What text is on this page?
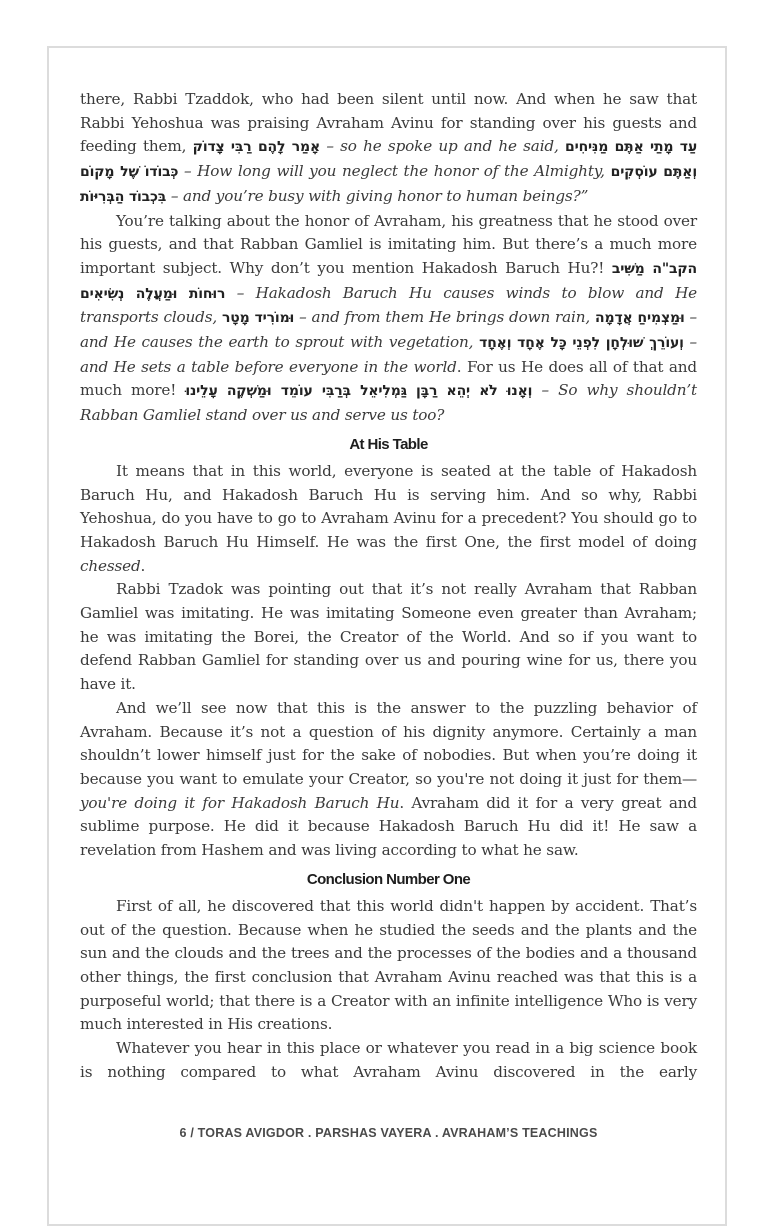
there, Rabbi Tzaddok, who had been silent until now. And when he saw that Rabbi Yehoshua was praising Avraham Avinu for standing over his guests and feeding them, אָמַר לָהֶם רַבִּי צָדוֹק – so he spoke up and he said, עַד מָתַי אַתֶּם מַנִּיחִים כְּבוֹדוֹ שֶׁל מָקוֹם – How long will you neglect the honor of the Almighty, וְאַתֶּם עוֹסְקִים בִּכְבוֹד הַבְּרִיּוֹת – and you’re busy with giving honor to human beings?”

You’re talking about the honor of Avraham, his greatness that he stood over his guests, and that Rabban Gamliel is imitating him. But there’s a much more important subject. Why don’t you mention Hakadosh Baruch Hu?! הקב"ה מַשִּׁיב רוּחוֹת וּמַעֲלֶה נְשִׂיאִים – Hakadosh Baruch Hu causes winds to blow and He transports clouds, וּמוֹרִיד מָטָר – and from them He brings down rain, וּמַצְמִיחַ אֲדָמָה – and He causes the earth to sprout with vegetation, וְעוֹרֵךְ שׁוּלְחָן לִפְנֵי כָּל אֶחָד וְאֶחָד – and He sets a table before everyone in the world. For us He does all of that and much more! וְאָנוּ לֹא יְהֵא רַבָּן גַּמְלִיאֵל בְּרַבִּי עוֹמֵד וּמַשְׁקֶה עָלֵינוּ – So why shouldn’t Rabban Gamliel stand over us and serve us too?

At His Table

It means that in this world, everyone is seated at the table of Hakadosh Baruch Hu, and Hakadosh Baruch Hu is serving him. And so why, Rabbi Yehoshua, do you have to go to Avraham Avinu for a precedent? You should go to Hakadosh Baruch Hu Himself. He was the first One, the first model of doing chessed.

Rabbi Tzadok was pointing out that it’s not really Avraham that Rabban Gamliel was imitating. He was imitating Someone even greater than Avraham; he was imitating the Borei, the Creator of the World. And so if you want to defend Rabban Gamliel for standing over us and pouring wine for us, there you have it.

And we’ll see now that this is the answer to the puzzling behavior of Avraham. Because it’s not a question of his dignity anymore. Certainly a man shouldn’t lower himself just for the sake of nobodies. But when you’re doing it because you want to emulate your Creator, so you're not doing it just for them—you're doing it for Hakadosh Baruch Hu. Avraham did it for a very great and sublime purpose. He did it because Hakadosh Baruch Hu did it! He saw a revelation from Hashem and was living according to what he saw.

Conclusion Number One

First of all, he discovered that this world didn't happen by accident. That’s out of the question. Because when he studied the seeds and the plants and the sun and the clouds and the trees and the processes of the bodies and a thousand other things, the first conclusion that Avraham Avinu reached was that this is a purposeful world; that there is a Creator with an infinite intelligence Who is very much interested in His creations.

Whatever you hear in this place or whatever you read in a big science book is nothing compared to what Avraham Avinu discovered in the early

6 / TORAS AVIGDOR . PARSHAS VAYERA . AVRAHAM’S TEACHINGS
